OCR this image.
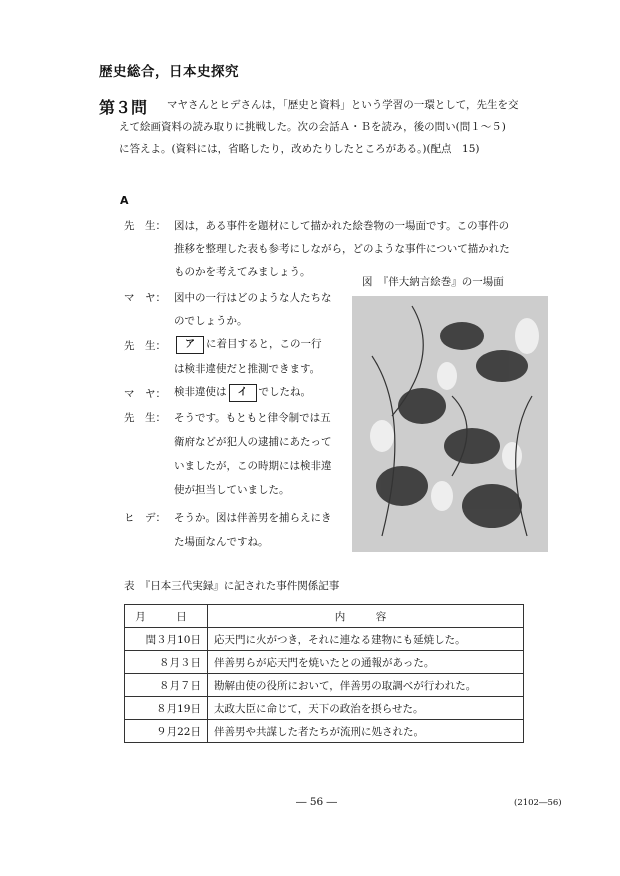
歴史総合，日本史探究
第３問 マヤさんとヒデさんは，「歴史と資料」という学習の一環として，先生を交
えて絵画資料の読み取りに挑戦した。次の会話Ａ・Ｂを読み，後の問い(問１～５)
に答えよ。(資料には，省略したり，改めたりしたところがある。)(配点　15)
A
先　生： 図は，ある事件を題材にして描かれた絵巻物の一場面です。この事件の
推移を整理した表も参考にしながら，どのような事件について描かれた
ものかを考えてみましょう。
マ　ヤ： 図中の一行はどのような人たちな
のでしょうか。
先　生：	ア に着目すると，この一行
は検非違使だと推測できます。
マ　ヤ： 検非違使は イ でしたね。
先　生： そうです。もともと律令制では五
衛府などが犯人の逮捕にあたって
いましたが，この時期には検非違
使が担当していました。
ヒ　デ： そうか。図は伴善男を捕らえにき
た場面なんですね。
図　『伴大納言絵巻』の一場面
表　『日本三代実録』に記された事件関係記事
月　日	内　容
閏３月10日	応天門に火がつき，それに連なる建物にも延焼した。
８月３日	伴善男らが応天門を焼いたとの通報があった。
８月７日	勘解由使の役所において，伴善男の取調べが行われた。
８月19日	太政大臣に命じて，天下の政治を摂らせた。
９月22日	伴善男や共謀した者たちが流刑に処された。
― 56 ―	(2102―56)
